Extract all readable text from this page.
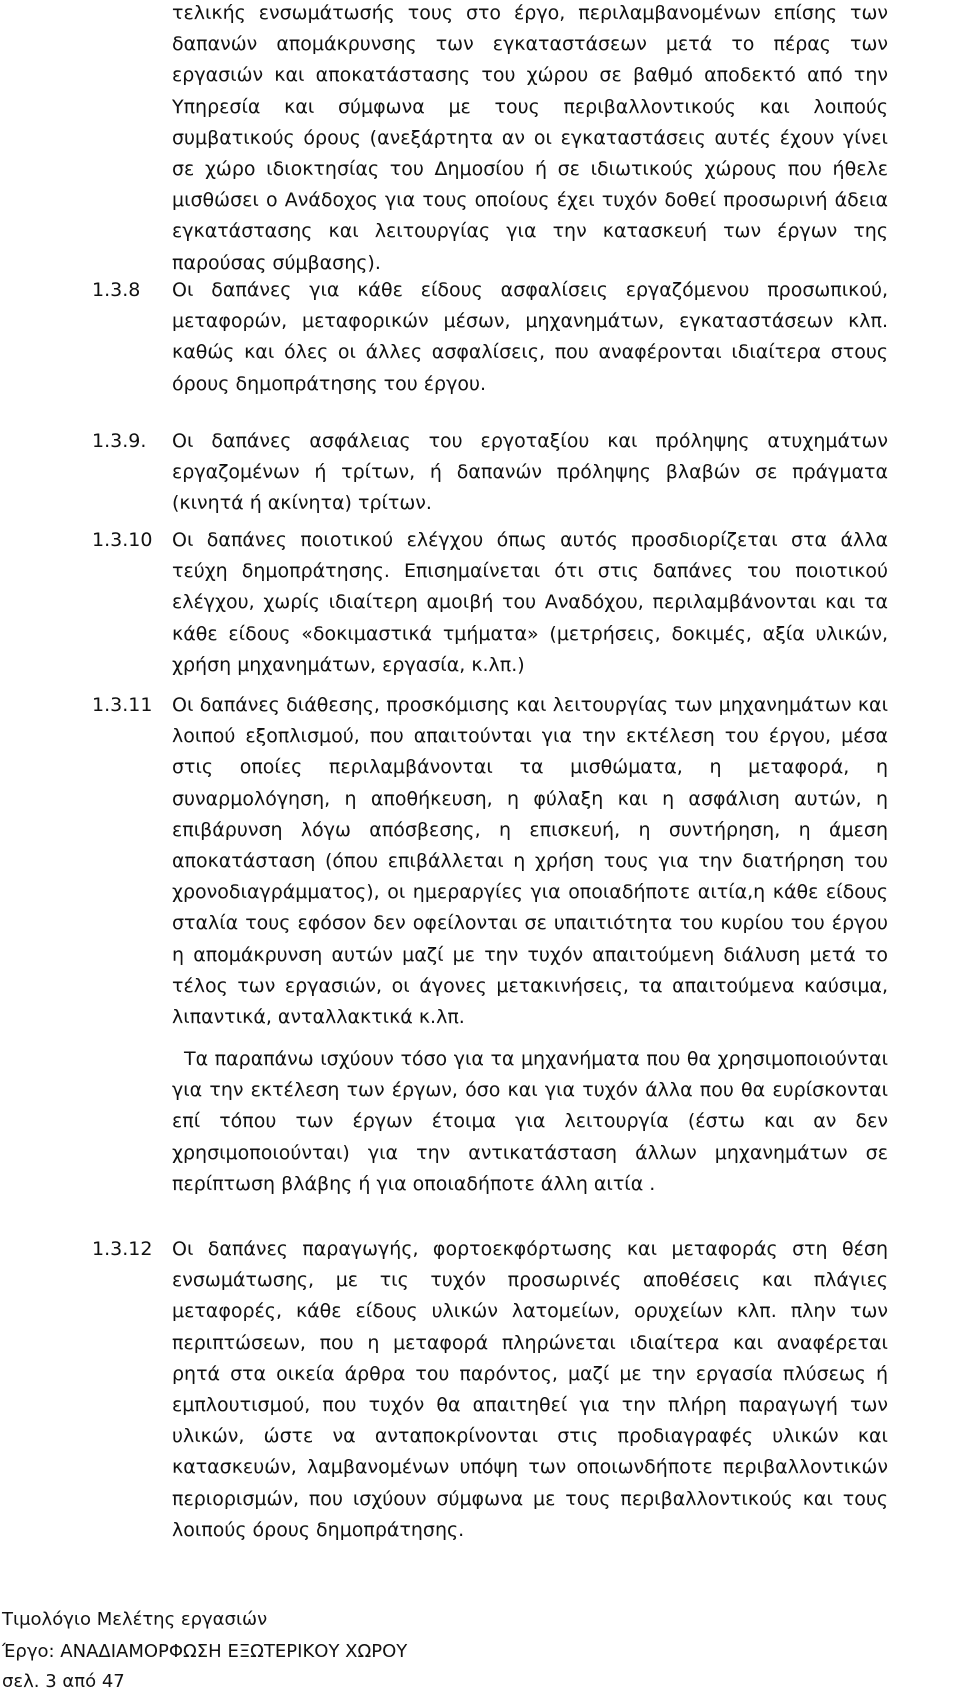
τελικής ενσωμάτωσής τους στο έργο, περιλαμβανομένων επίσης των δαπανών απομάκρυνσης των εγκαταστάσεων μετά το πέρας των εργασιών και αποκατάστασης του χώρου σε βαθμό αποδεκτό από την Υπηρεσία και σύμφωνα με τους περιβαλλοντικούς και λοιπούς συμβατικούς όρους (ανεξάρτητα αν οι εγκαταστάσεις αυτές έχουν γίνει σε χώρο ιδιοκτησίας του Δημοσίου ή σε ιδιωτικούς χώρους που ήθελε μισθώσει ο Ανάδοχος για τους οποίους έχει τυχόν δοθεί προσωρινή άδεια εγκατάστασης και λειτουργίας για την κατασκευή των έργων της παρούσας σύμβασης).

1.3.8 Οι δαπάνες για κάθε είδους ασφαλίσεις εργαζόμενου προσωπικού, μεταφορών, μεταφορικών μέσων, μηχανημάτων, εγκαταστάσεων κλπ. καθώς και όλες οι άλλες ασφαλίσεις, που αναφέρονται ιδιαίτερα στους όρους δημοπράτησης του έργου.

1.3.9. Οι δαπάνες ασφάλειας του εργοταξίου και πρόληψης ατυχημάτων εργαζομένων ή τρίτων, ή δαπανών πρόληψης βλαβών σε πράγματα (κινητά ή ακίνητα) τρίτων.

1.3.10 Οι δαπάνες ποιοτικού ελέγχου όπως αυτός προσδιορίζεται στα άλλα τεύχη δημοπράτησης. Επισημαίνεται ότι στις δαπάνες του ποιοτικού ελέγχου, χωρίς ιδιαίτερη αμοιβή του Αναδόχου, περιλαμβάνονται και τα κάθε είδους «δοκιμαστικά τμήματα» (μετρήσεις, δοκιμές, αξία υλικών, χρήση μηχανημάτων, εργασία, κ.λπ.)

1.3.11 Οι δαπάνες διάθεσης, προσκόμισης και λειτουργίας των μηχανημάτων και λοιπού εξοπλισμού, που απαιτούνται για την εκτέλεση του έργου, μέσα στις οποίες περιλαμβάνονται τα μισθώματα, η μεταφορά, η συναρμολόγηση, η αποθήκευση, η φύλαξη και η ασφάλιση αυτών, η επιβάρυνση λόγω απόσβεσης, η επισκευή, η συντήρηση, η άμεση αποκατάσταση (όπου επιβάλλεται η χρήση τους για την διατήρηση του χρονοδιαγράμματος), οι ημεραργίες για οποιαδήποτε αιτία,η κάθε είδους σταλία τους εφόσον δεν οφείλονται σε υπαιτιότητα του κυρίου του έργου η απομάκρυνση αυτών μαζί με την τυχόν απαιτούμενη διάλυση μετά το τέλος των εργασιών, οι άγονες μετακινήσεις, τα απαιτούμενα καύσιμα, λιπαντικά, ανταλλακτικά κ.λπ.

Τα παραπάνω ισχύουν τόσο για τα μηχανήματα που θα χρησιμοποιούνται για την εκτέλεση των έργων, όσο και για τυχόν άλλα που θα ευρίσκονται επί τόπου των έργων έτοιμα για λειτουργία (έστω και αν δεν χρησιμοποιούνται) για την αντικατάσταση άλλων μηχανημάτων σε περίπτωση βλάβης ή για οποιαδήποτε άλλη αιτία .

1.3.12 Οι δαπάνες παραγωγής, φορτοεκφόρτωσης και μεταφοράς στη θέση ενσωμάτωσης, με τις τυχόν προσωρινές αποθέσεις και πλάγιες μεταφορές, κάθε είδους υλικών λατομείων, ορυχείων κλπ. πλην των περιπτώσεων, που η μεταφορά πληρώνεται ιδιαίτερα και αναφέρεται ρητά στα οικεία άρθρα του παρόντος, μαζί με την εργασία πλύσεως ή εμπλουτισμού, που τυχόν θα απαιτηθεί για την πλήρη παραγωγή των υλικών, ώστε να ανταποκρίνονται στις προδιαγραφές υλικών και κατασκευών, λαμβανομένων υπόψη των οποιωνδήποτε περιβαλλοντικών περιορισμών, που ισχύουν σύμφωνα με τους περιβαλλοντικούς και τους λοιπούς όρους δημοπράτησης.

Τιμολόγιο Μελέτης εργασιών
Έργο: ΑΝΑΔΙΑΜΟΡΦΩΣΗ ΕΞΩΤΕΡΙΚΟΥ ΧΩΡΟΥ
σελ. 3 από 47
